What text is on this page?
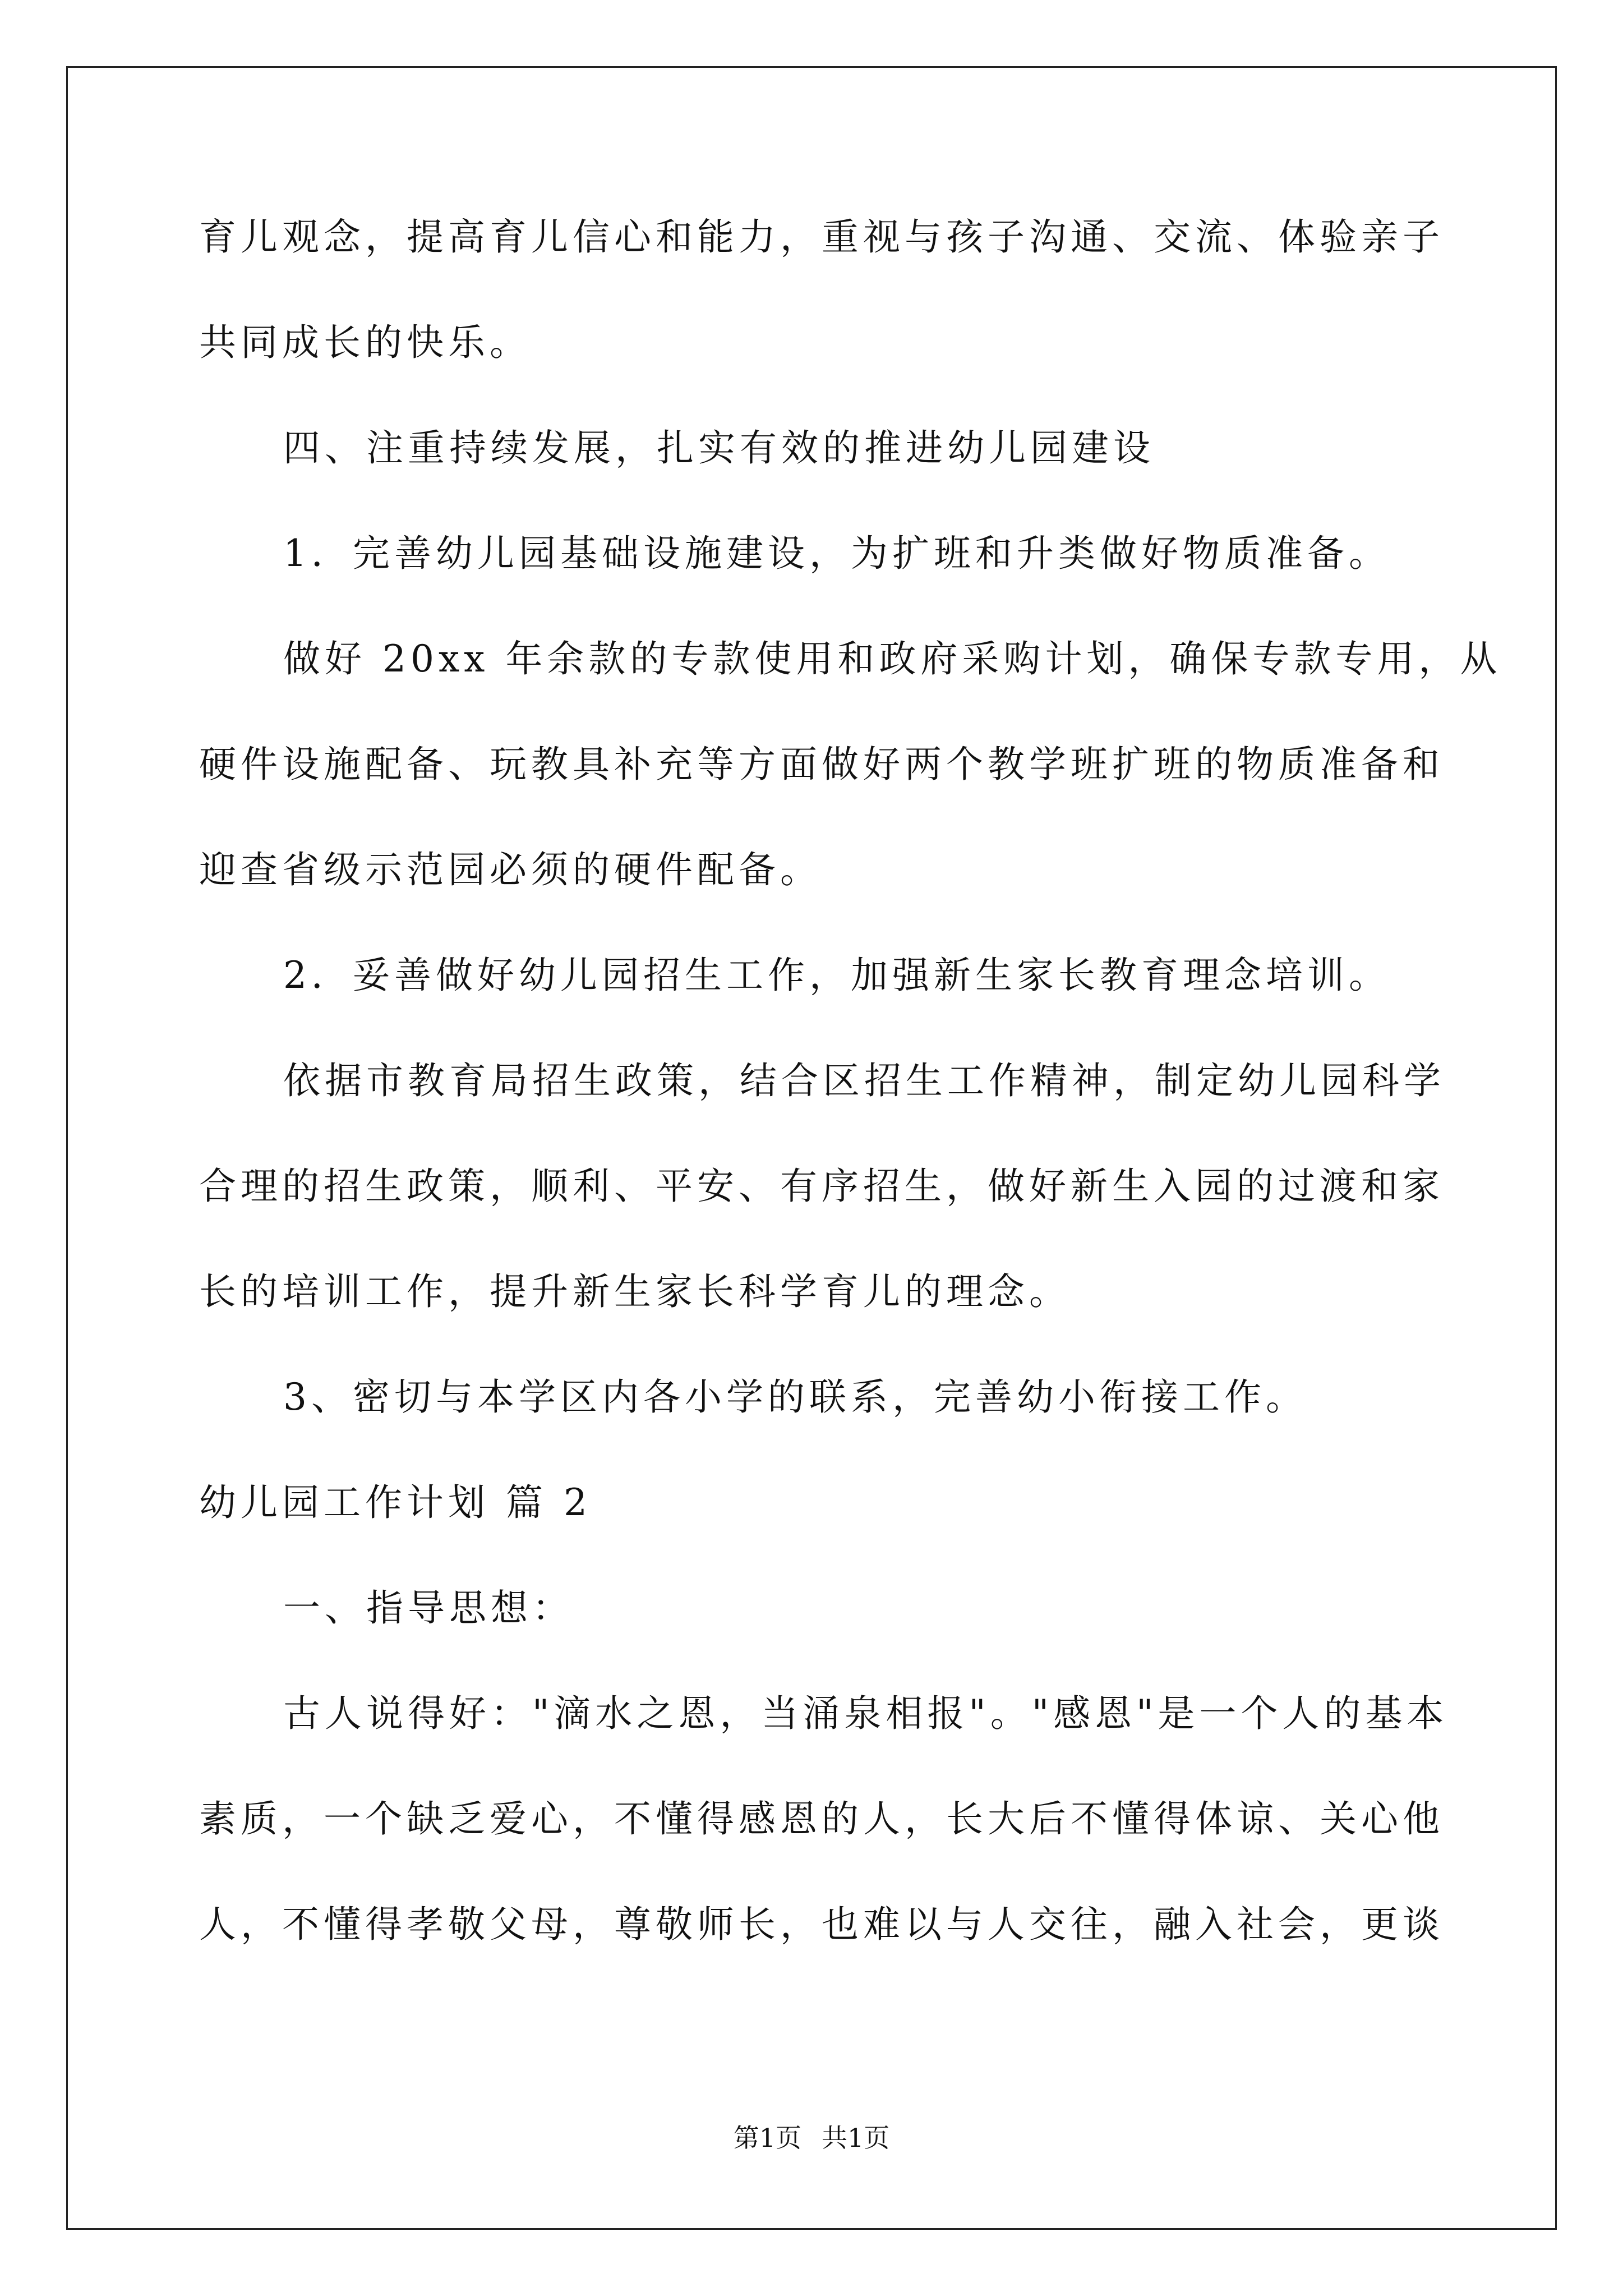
育儿观念，提高育儿信心和能力，重视与孩子沟通、交流、体验亲子
共同成长的快乐。
四、注重持续发展，扎实有效的推进幼儿园建设
1．完善幼儿园基础设施建设，为扩班和升类做好物质准备。
做好 20xx 年余款的专款使用和政府采购计划，确保专款专用，从
硬件设施配备、玩教具补充等方面做好两个教学班扩班的物质准备和
迎查省级示范园必须的硬件配备。
2．妥善做好幼儿园招生工作，加强新生家长教育理念培训。
依据市教育局招生政策，结合区招生工作精神，制定幼儿园科学
合理的招生政策，顺利、平安、有序招生，做好新生入园的过渡和家
长的培训工作，提升新生家长科学育儿的理念。
3、密切与本学区内各小学的联系，完善幼小衔接工作。
幼儿园工作计划 篇 2
一、指导思想：
古人说得好："滴水之恩，当涌泉相报"。"感恩"是一个人的基本
素质，一个缺乏爱心，不懂得感恩的人，长大后不懂得体谅、关心他
人，不懂得孝敬父母，尊敬师长，也难以与人交往，融入社会，更谈
第1页 共1页
